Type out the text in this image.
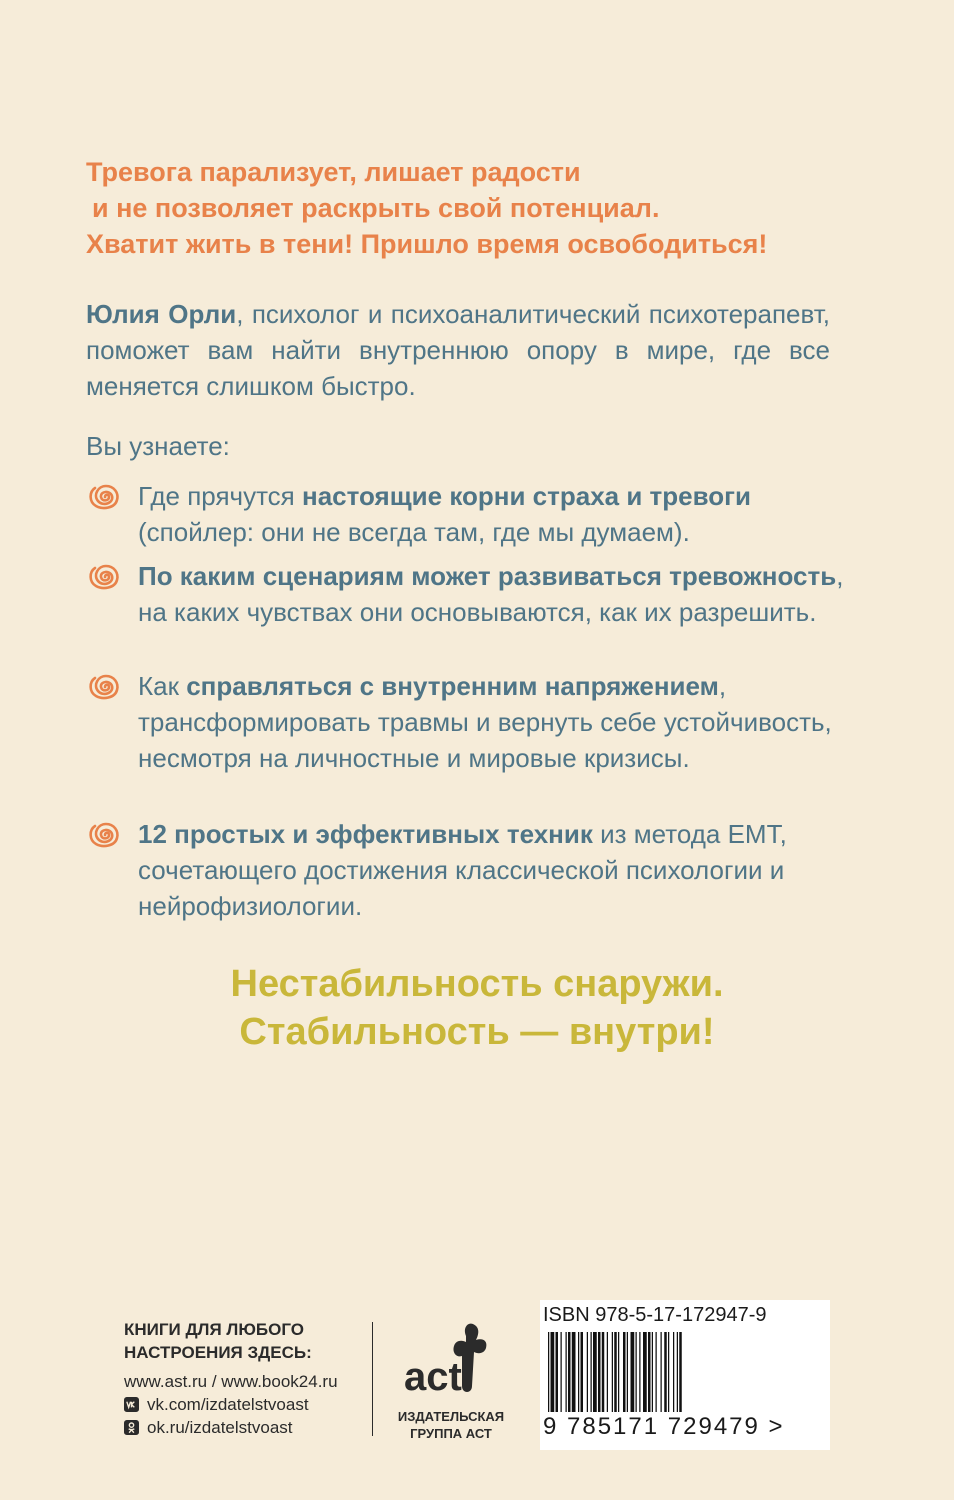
Тревога парализует, лишает радости
и не позволяет раскрыть свой потенциал.
Хватит жить в тени! Пришло время освободиться!

Юлия Орли, психолог и психоаналитический психотерапевт, поможет вам найти внутреннюю опору в мире, где все меняется слишком быстро.

Вы узнаете:

Где прячутся настоящие корни страха и тревоги (спойлер: они не всегда там, где мы думаем).
По каким сценариям может развиваться тревожность, на каких чувствах они основываются, как их разрешить.
Как справляться с внутренним напряжением, трансформировать травмы и вернуть себе устойчивость, несмотря на личностные и мировые кризисы.
12 простых и эффективных техник из метода ЕМТ, сочетающего достижения классической психологии и нейрофизиологии.
Нестабильность снаружи.
Стабильность — внутри!
КНИГИ ДЛЯ ЛЮБОГО
НАСТРОЕНИЯ ЗДЕСЬ:
www.ast.ru / www.book24.ru
vk.com/izdatelstvoast
ok.ru/izdatelstvoast
act
ИЗДАТЕЛЬСКАЯ
ГРУППА АСТ
ISBN 978-5-17-172947-9
9 785171 729479 >
